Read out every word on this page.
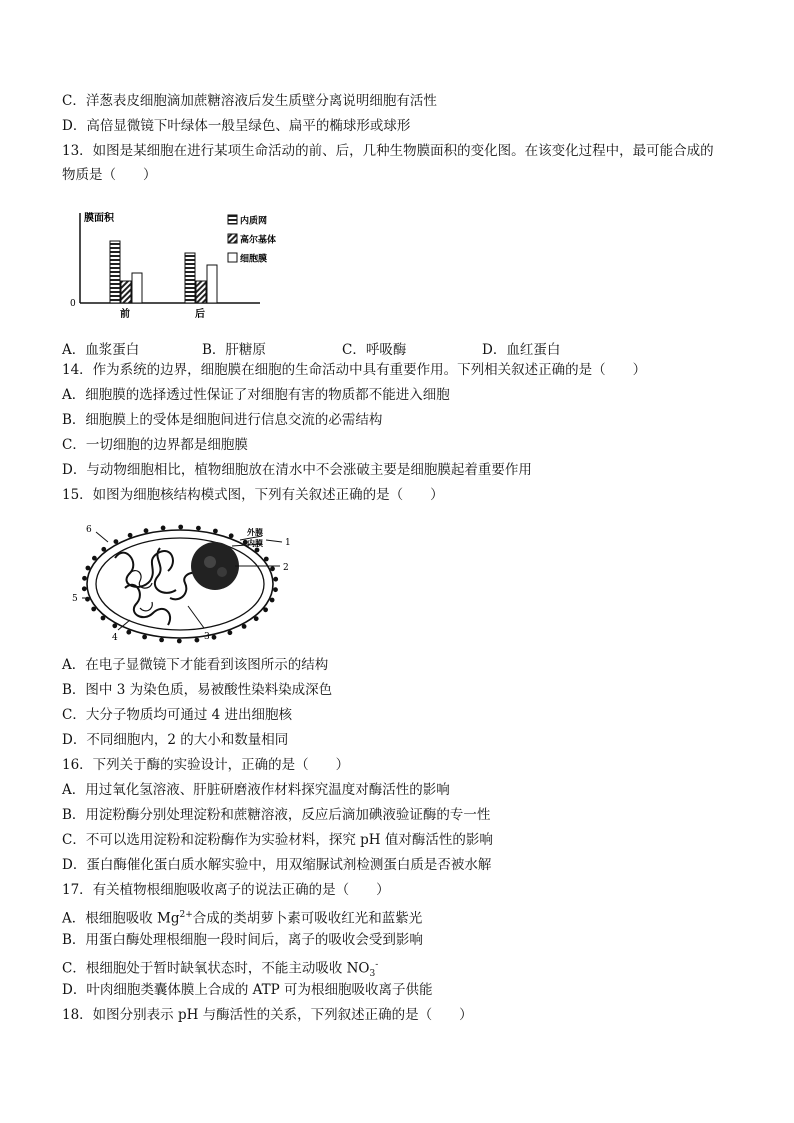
C．洋葱表皮细胞滴加蔗糖溶液后发生质壁分离说明细胞有活性
D．高倍显微镜下叶绿体一般呈绿色、扁平的椭球形或球形
13．如图是某细胞在进行某项生命活动的前、后，几种生物膜面积的变化图。在该变化过程中，最可能合成的
物质是（　　）
膜面积
0
前	后
内质网
高尔基体
细胞膜
A．血浆蛋白	B．肝糖原	C．呼吸酶	D．血红蛋白
14．作为系统的边界，细胞膜在细胞的生命活动中具有重要作用。下列相关叙述正确的是（　　）
A．细胞膜的选择透过性保证了对细胞有害的物质都不能进入细胞
B．细胞膜上的受体是细胞间进行信息交流的必需结构
C．一切细胞的边界都是细胞膜
D．与动物细胞相比，植物细胞放在清水中不会涨破主要是细胞膜起着重要作用
15．如图为细胞核结构模式图，下列有关叙述正确的是（　　）
外膜
内膜 1
2
3
4
5
6
A．在电子显微镜下才能看到该图所示的结构
B．图中 3 为染色质，易被酸性染料染成深色
C．大分子物质均可通过 4 进出细胞核
D．不同细胞内，2 的大小和数量相同
16．下列关于酶的实验设计，正确的是（　　）
A．用过氧化氢溶液、肝脏研磨液作材料探究温度对酶活性的影响
B．用淀粉酶分别处理淀粉和蔗糖溶液，反应后滴加碘液验证酶的专一性
C．不可以选用淀粉和淀粉酶作为实验材料，探究 pH 值对酶活性的影响
D．蛋白酶催化蛋白质水解实验中，用双缩脲试剂检测蛋白质是否被水解
17．有关植物根细胞吸收离子的说法正确的是（　　）
A．根细胞吸收 $Mg^{2+}$合成的类胡萝卜素可吸收红光和蓝紫光
B．用蛋白酶处理根细胞一段时间后，离子的吸收会受到影响
C．根细胞处于暂时缺氧状态时，不能主动吸收 $NO_3^-$
D．叶肉细胞类囊体膜上合成的 ATP 可为根细胞吸收离子供能
18．如图分别表示 pH 与酶活性的关系，下列叙述正确的是（　　）
